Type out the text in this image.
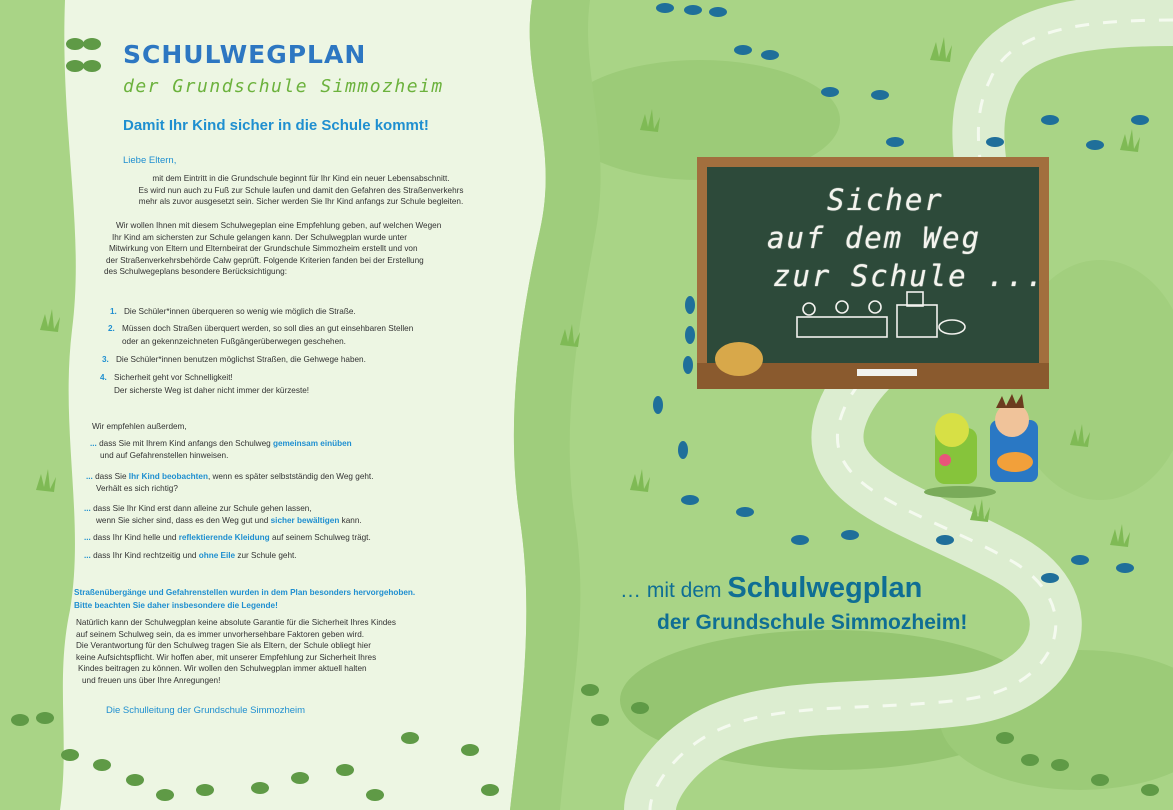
Sicher
auf dem Weg
zur Schule ...
… mit dem Schulwegplan
der Grundschule Simmozheim!
SCHULWEGPLAN
der Grundschule Simmozheim
Damit Ihr Kind sicher in die Schule kommt!
Liebe Eltern,
mit dem Eintritt in die Grundschule beginnt für Ihr Kind ein neuer Lebensabschnitt.
Es wird nun auch zu Fuß zur Schule laufen und damit den Gefahren des Straßenverkehrs
mehr als zuvor ausgesetzt sein. Sicher werden Sie Ihr Kind anfangs zur Schule begleiten.
Wir wollen Ihnen mit diesem Schulwegeplan eine Empfehlung geben, auf welchen Wegen
Ihr Kind am sichersten zur Schule gelangen kann. Der Schulwegplan wurde unter
Mitwirkung von Eltern und Elternbeirat der Grundschule Simmozheim erstellt und von
der Straßenverkehrsbehörde Calw geprüft. Folgende Kriterien fanden bei der Erstellung
des Schulwegeplans besondere Berücksichtigung:
1. Die Schüler*innen überqueren so wenig wie möglich die Straße.
2. Müssen doch Straßen überquert werden, so soll dies an gut einsehbaren Stellen
oder an gekennzeichneten Fußgängerüberwegen geschehen.
3. Die Schüler*innen benutzen möglichst Straßen, die Gehwege haben.
4. Sicherheit geht vor Schnelligkeit!
Der sicherste Weg ist daher nicht immer der kürzeste!
Wir empfehlen außerdem,
... dass Sie mit Ihrem Kind anfangs den Schulweg gemeinsam einüben
und auf Gefahrenstellen hinweisen.
... dass Sie Ihr Kind beobachten, wenn es später selbstständig den Weg geht.
Verhält es sich richtig?
... dass Sie Ihr Kind erst dann alleine zur Schule gehen lassen,
wenn Sie sicher sind, dass es den Weg gut und sicher bewältigen kann.
... dass Ihr Kind helle und reflektierende Kleidung auf seinem Schulweg trägt.
... dass Ihr Kind rechtzeitig und ohne Eile zur Schule geht.
Straßenübergänge und Gefahrenstellen wurden in dem Plan besonders hervorgehoben.
Bitte beachten Sie daher insbesondere die Legende!
Natürlich kann der Schulwegplan keine absolute Garantie für die Sicherheit Ihres Kindes
auf seinem Schulweg sein, da es immer unvorhersehbare Faktoren geben wird.
Die Verantwortung für den Schulweg tragen Sie als Eltern, der Schule obliegt hier
keine Aufsichtspflicht. Wir hoffen aber, mit unserer Empfehlung zur Sicherheit Ihres
Kindes beitragen zu können. Wir wollen den Schulwegplan immer aktuell halten
und freuen uns über Ihre Anregungen!
Die Schulleitung der Grundschule Simmozheim
